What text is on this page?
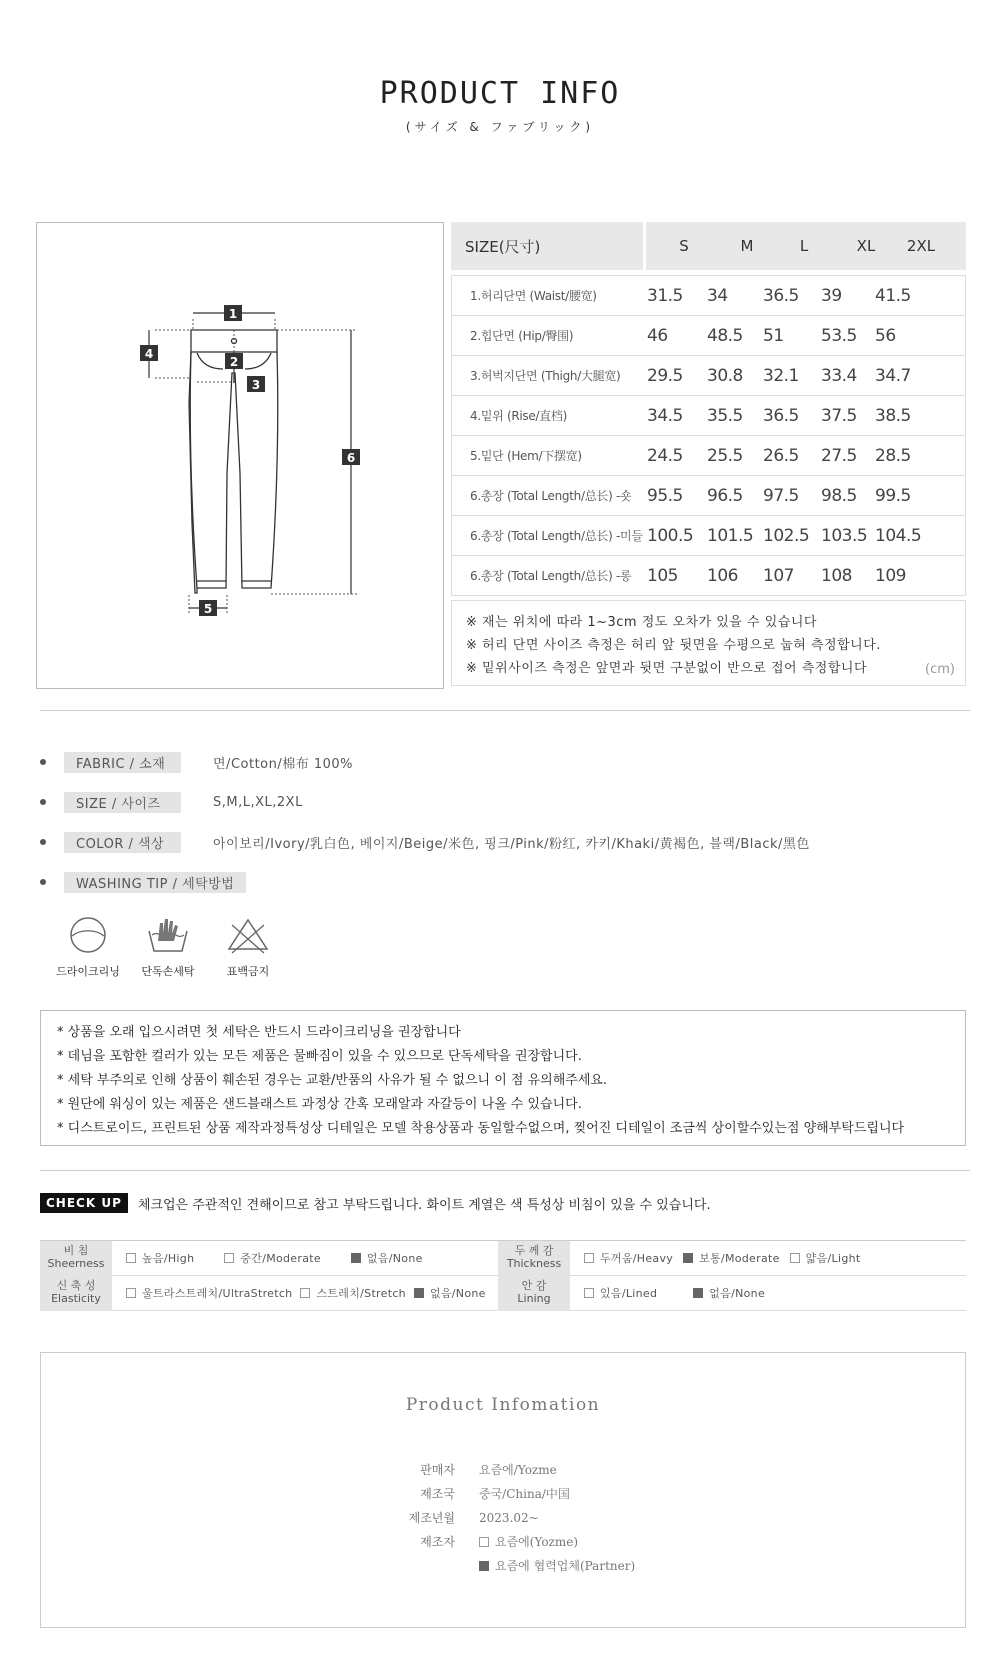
PRODUCT INFO
(サイズ & ファブリック)
1
2
3
4
5
6
SIZE(尺寸)	S	M	L	XL	2XL
1.허리단면 (Waist/腰宽)	31.5	34	36.5	39	41.5
2.힙단면 (Hip/臀围)	46	48.5	51	53.5	56
3.허벅지단면 (Thigh/大腿宽)	29.5	30.8	32.1	33.4	34.7
4.밑위 (Rise/直档)	34.5	35.5	36.5	37.5	38.5
5.밑단 (Hem/下摆宽)	24.5	25.5	26.5	27.5	28.5
6.총장 (Total Length/总长) -숏 95.5	96.5	97.5	98.5	99.5
6.총장 (Total Length/总长) -미들 100.5 101.5 102.5 103.5 104.5
6.총장 (Total Length/总长) -롱 105	106	107	108	109
※ 재는 위치에 따라 1~3cm 정도 오차가 있을 수 있습니다
※ 허리 단면 사이즈 측정은 허리 앞 뒷면을 수평으로 눕혀 측정합니다.
※ 밑위사이즈 측정은 앞면과 뒷면 구분없이 반으로 접어 측정합니다	(cm)
FABRIC / 소재	면/Cotton/棉布 100%
SIZE / 사이즈	S,M,L,XL,2XL
COLOR / 색상	아이보리/Ivory/乳白色, 베이지/Beige/米色, 핑크/Pink/粉红, 카키/Khaki/黄褐色, 블랙/Black/黑色
WASHING TIP / 세탁방법
드라이크리닝	단독손세탁	표백금지
* 상품을 오래 입으시려면 첫 세탁은 반드시 드라이크리닝을 권장합니다
* 데님을 포함한 컬러가 있는 모든 제품은 물빠짐이 있을 수 있으므로 단독세탁을 권장합니다.
* 세탁 부주의로 인해 상품이 훼손된 경우는 교환/반품의 사유가 될 수 없으니 이 점 유의해주세요.
* 원단에 워싱이 있는 제품은 샌드블래스트 과정상 간혹 모래알과 자갈등이 나올 수 있습니다.
* 디스트로이드, 프린트된 상품 제작과정특성상 디테일은 모델 착용상품과 동일할수없으며, 찢어진 디테일이 조금씩 상이할수있는점 양해부탁드립니다
CHECK UP	체크업은 주관적인 견해이므로 참고 부탁드립니다. 화이트 계열은 색 특성상 비침이 있을 수 있습니다.
비 침
Sheerness	높음/High	중간/Moderate	없음/None
두 께 감
Thickness	두꺼움/Heavy 보통/Moderate 얇음/Light
신 축 성
Elasticity	울트라스트레치/UltraStretch 스트레치/Stretch 없음/None
안 감
Lining	있음/Lined	없음/None
Product Infomation
판매자 요즘에/Yozme
제조국 중국/China/中国
제조년월 2023.02~
제조자	요즘에(Yozme)
요즘에 협력업체(Partner)
